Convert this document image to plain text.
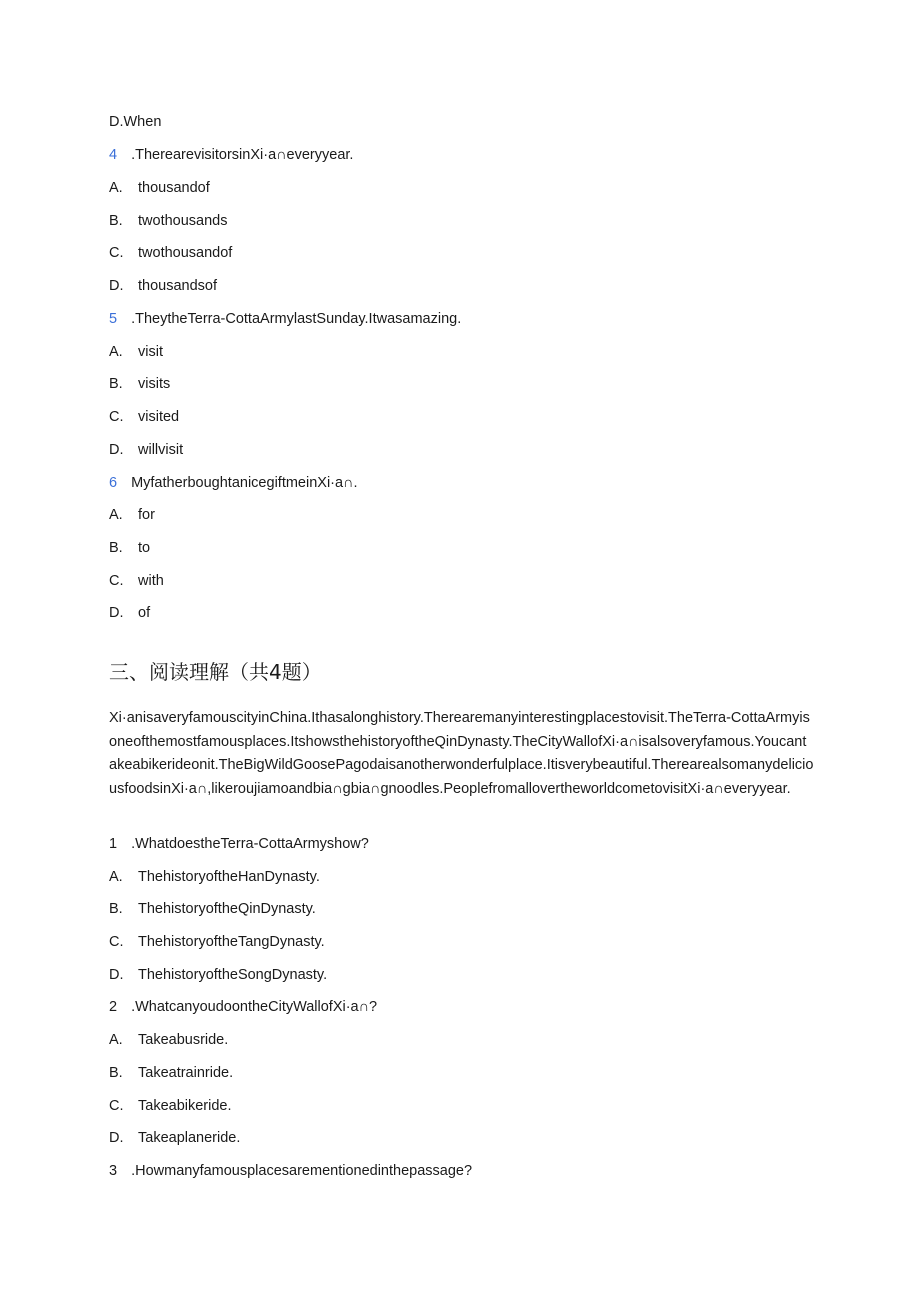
D.When
4 .Therearevisitorsin​Xi·a∩everyyear.
A. thousandof
B. twothousands
C. twothousandof
D. thousandsof
5 .TheytheTerra-CottaArmylastSunday.Itwasamazing.
A. visit
B. visits
C. visited
D. willvisit
6 MyfatherboughtanicegiftmeinXi·a∩.
A. for
B. to
C. with
D. of
三、阅读理解（共4题）
Xi·anisaveryfamouscityinChina.Ithasalonghistory.Therearemanyinterestingplacestovisit.TheTerra-CottaArmyisoneofthemostfamousplaces.ItshowsthehistoryoftheQinDynasty.TheCityWallofXi·a∩isalsoveryfamous.Youcantakeabikerideonit.TheBigWildGoosePagodaisanotherwonderfulplace.Itisverybeautiful.TherearealsomanydeliciousfoodsinXi·a∩,likeroujiamoandbia∩gbia∩gnoodles.PeoplefromallovertheworldcometovisitXi·a∩everyyear.
1 .WhatdoestheTerra-CottaArmyshow?
A. ThehistoryoftheHanDynasty.
B. ThehistoryoftheQinDynasty.
C. ThehistoryoftheTangDynasty.
D. ThehistoryoftheSongDynasty.
2 .WhatcanyoudoontheCityWallofXi·a∩?
A. Takeabusride.
B. Takeatrainride.
C. Takeabikeride.
D. Takeaplaneride.
3 .Howmanyfamousplacesarementionedinthepassage?
